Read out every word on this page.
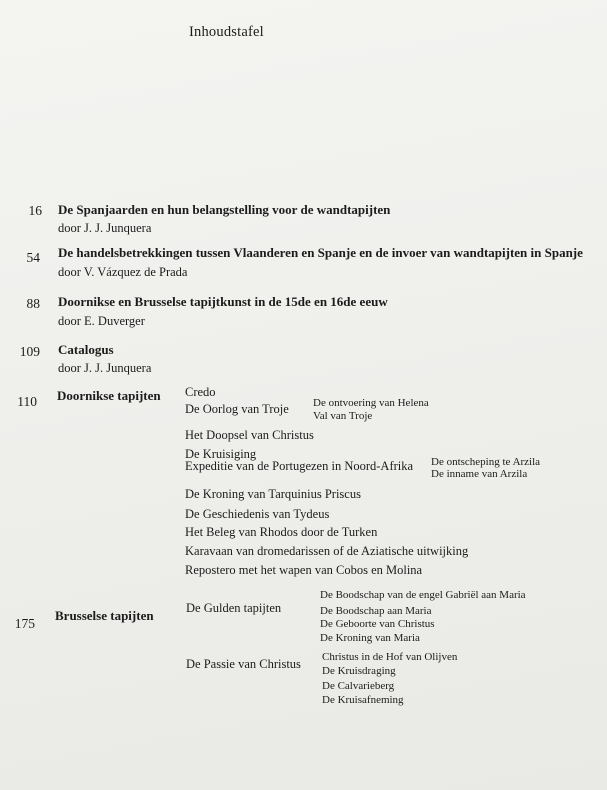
Inhoudstafel
16 De Spanjaarden en hun belangstelling voor de wandtapijten
door J. J. Junquera
54 De handelsbetrekkingen tussen Vlaanderen en Spanje en de invoer van wandtapijten in Spanje
door V. Vázquez de Prada
88 Doornikse en Brusselse tapijtkunst in de 15de en 16de eeuw
door E. Duverger
109 Catalogus
door J. J. Junquera
110 Doornikse tapijten Credo
De Oorlog van Troje De ontvoering van Helena
Val van Troje
Het Doopsel van Christus
De Kruisiging
Expeditie van de Portugezen in Noord-Afrika De ontscheping te Arzila
De inname van Arzila
De Kroning van Tarquinius Priscus
De Geschiedenis van Tydeus
Het Beleg van Rhodos door de Turken
Karavaan van dromedarissen of de Aziatische uitwijking
Repostero met het wapen van Cobos en Molina
175
Brusselse tapijten	De Gulden tapijten
De Boodschap van de engel Gabriël aan Maria
De Boodschap aan Maria
De Geboorte van Christus
De Kroning van Maria
De Passie van Christus Christus in de Hof van Olijven
De Kruisdraging
De Calvarieberg
De Kruisafneming
